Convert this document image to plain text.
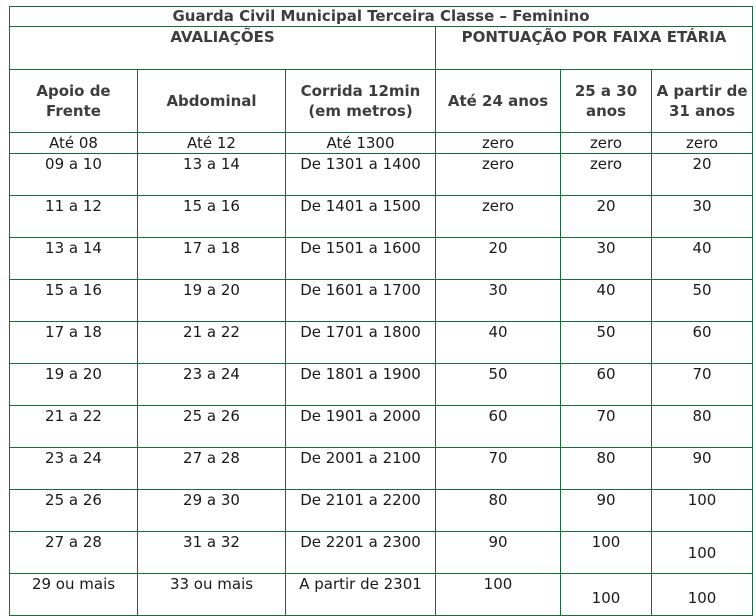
Guarda Civil Municipal Terceira Classe – Feminino					
AVALIAÇÕES			PONTUAÇÃO POR FAIXA ETÁRIA		

Apoio de Frente	Abdominal	Corrida 12min (em metros)	Até 24 anos	25 a 30 anos	A partir de 31 anos
Até 08	Até 12	Até 1300	zero	zero	zero
09 a 10	13 a 14	De 1301 a 1400	zero	zero	20
11 a 12	15 a 16	De 1401 a 1500	zero	20	30
13 a 14	17 a 18	De 1501 a 1600	20	30	40
15 a 16	19 a 20	De 1601 a 1700	30	40	50
17 a 18	21 a 22	De 1701 a 1800	40	50	60
19 a 20	23 a 24	De 1801 a 1900	50	60	70
21 a 22	25 a 26	De 1901 a 2000	60	70	80
23 a 24	27 a 28	De 2001 a 2100	70	80	90
25 a 26	29 a 30	De 2101 a 2200	80	90	100
27 a 28	31 a 32	De 2201 a 2300	90	100	100
29 ou mais	33 ou mais	A partir de 2301	100	100	100
